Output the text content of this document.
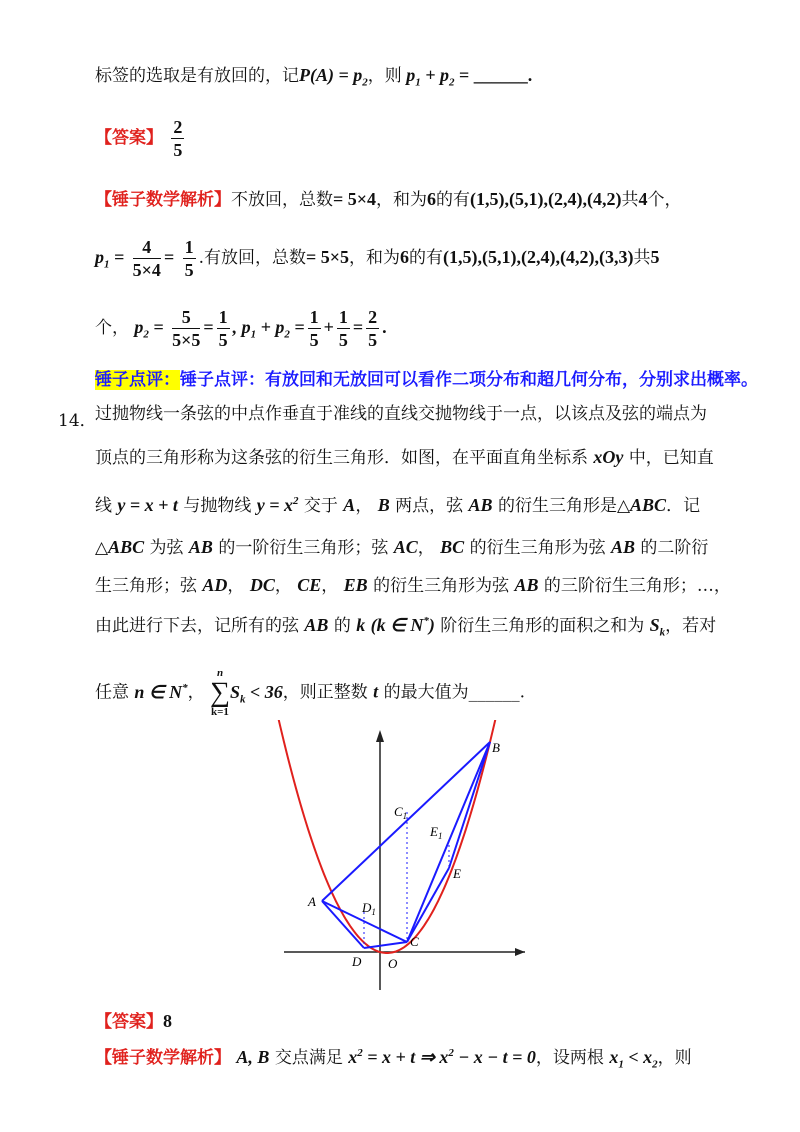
标签的选取是有放回的，记$P(A) = p_2$，则 $p_1 + p_2$ = ______.
【答案】 $\frac{2}{5}$
【锤子数学解析】不放回，总数= 5×4，和为6的有(1,5),(5,1),(2,4),(4,2)共4个，
$p_1 = \frac{4}{5\times 4} = \frac{1}{5}$ .有放回，总数= 5×5，和为6的有(1,5),(5,1),(2,4),(4,2),(3,3)共5
个， $p_2 = \frac{5}{5\times 5} = \frac{1}{5}$ , $p_1 + p_2 = \frac{1}{5} + \frac{1}{5} = \frac{2}{5}$ .
锤子点评：锤子点评：有放回和无放回可以看作二项分布和超几何分布，分别求出概率。
14．
过抛物线一条弦的中点作垂直于准线的直线交抛物线于一点，以该点及弦的端点为
顶点的三角形称为这条弦的衍生三角形．如图，在平面直角坐标系 xOy 中，已知直
线 y = x + t 与抛物线 $y = x^2$ 交于 A， B 两点，弦 AB 的衍生三角形是△ABC．记
△ABC 为弦 AB 的一阶衍生三角形；弦 AC， BC 的衍生三角形为弦 AB 的二阶衍
生三角形；弦 AD， DC， CE， EB 的衍生三角形为弦 AB 的三阶衍生三角形；…，
由此进行下去，记所有的弦 AB 的 k (k ∈ N*) 阶衍生三角形的面积之和为 $S_k$，若对
任意 n ∈ N*，
n
∑
k=1
$S_k < 36$，则正整数 t 的最大值为______.
A
B
C
D
E
O
$C_1$
$D_1$
$E_1$
【答案】8
【锤子数学解析】 A, B 交点满足 $x^2 = x + t$ ⇒ $x^2 - x - t = 0$，设两根 $x_1 < x_2$，则
